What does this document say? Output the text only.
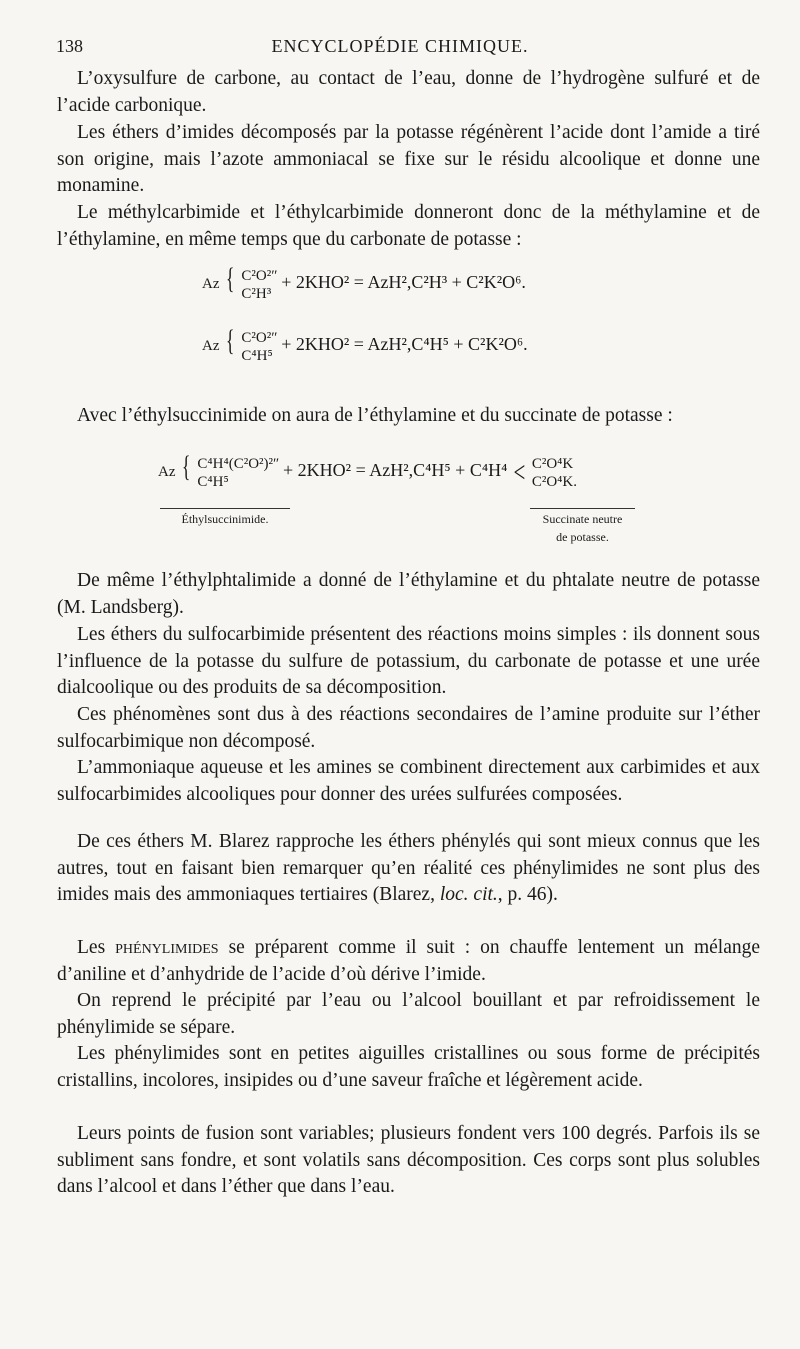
138	ENCYCLOPÉDIE CHIMIQUE.

L’oxysulfure de carbone, au contact de l’eau, donne de l’hydrogène sulfuré et de l’acide carbonique.

Les éthers d’imides décomposés par la potasse régénèrent l’acide dont l’amide a tiré son origine, mais l’azote ammoniacal se fixe sur le résidu alcoolique et donne une monamine.

Le méthylcarbimide et l’éthylcarbimide donneront donc de la méthylamine et de l’éthylamine, en même temps que du carbonate de potasse :

Az { C²O²″
C²H³ + 2KHO² = AzH²,C²H³ + C²K²O⁶.
Az { C²O²″
C⁴H⁵ + 2KHO² = AzH²,C⁴H⁵ + C²K²O⁶.

Avec l’éthylsuccinimide on aura de l’éthylamine et du succinate de potasse :

Az { C⁴H⁴(C²O²)²″
C⁴H⁵ + 2KHO² = AzH²,C⁴H⁵ + C⁴H⁴ < C²O⁴K
C²O⁴K.
Éthylsuccinimide.	Succinate neutre
de potasse.

De même l’éthylphtalimide a donné de l’éthylamine et du phtalate neutre de potasse (M. Landsberg).

Les éthers du sulfocarbimide présentent des réactions moins simples : ils donnent sous l’influence de la potasse du sulfure de potassium, du carbonate de potasse et une urée dialcoolique ou des produits de sa décomposition.

Ces phénomènes sont dus à des réactions secondaires de l’amine produite sur l’éther sulfocarbimique non décomposé.

L’ammoniaque aqueuse et les amines se combinent directement aux carbimides et aux sulfocarbimides alcooliques pour donner des urées sulfurées composées.

De ces éthers M. Blarez rapproche les éthers phénylés qui sont mieux connus que les autres, tout en faisant bien remarquer qu’en réalité ces phénylimides ne sont plus des imides mais des ammoniaques tertiaires (Blarez, loc. cit., p. 46).

Les phénylimides se préparent comme il suit : on chauffe lentement un mélange d’aniline et d’anhydride de l’acide d’où dérive l’imide.

On reprend le précipité par l’eau ou l’alcool bouillant et par refroidissement le phénylimide se sépare.

Les phénylimides sont en petites aiguilles cristallines ou sous forme de précipités cristallins, incolores, insipides ou d’une saveur fraîche et légèrement acide.

Leurs points de fusion sont variables; plusieurs fondent vers 100 degrés. Parfois ils se subliment sans fondre, et sont volatils sans décomposition. Ces corps sont plus solubles dans l’alcool et dans l’éther que dans l’eau.
